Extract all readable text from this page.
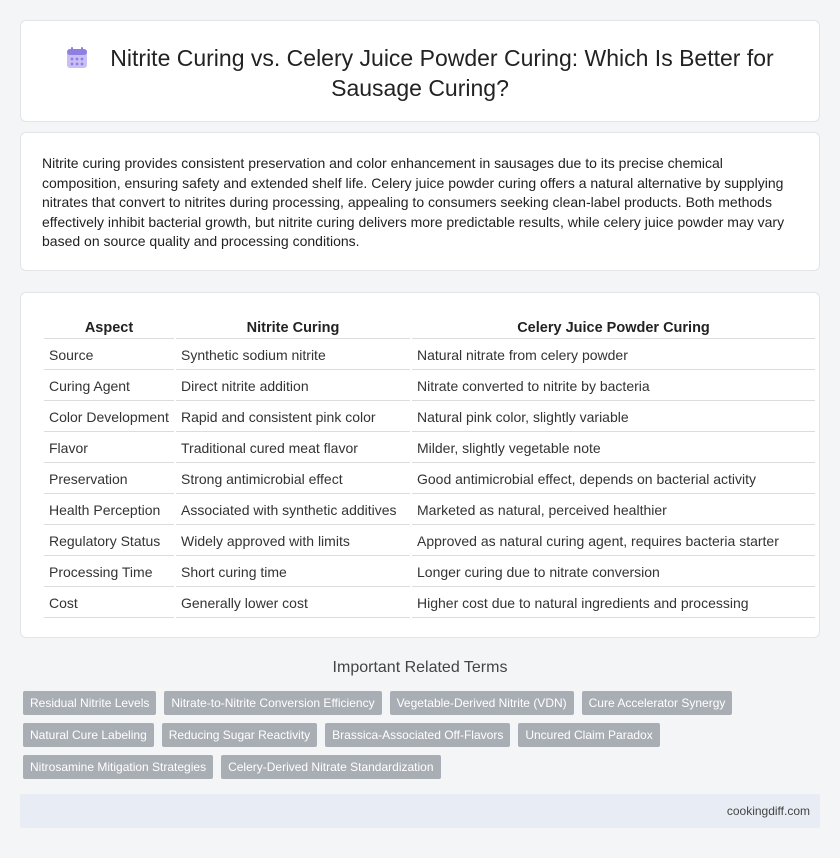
Nitrite Curing vs. Celery Juice Powder Curing: Which Is Better for Sausage Curing?

Nitrite curing provides consistent preservation and color enhancement in sausages due to its precise chemical composition, ensuring safety and extended shelf life. Celery juice powder curing offers a natural alternative by supplying nitrates that convert to nitrites during processing, appealing to consumers seeking clean-label products. Both methods effectively inhibit bacterial growth, but nitrite curing delivers more predictable results, while celery juice powder may vary based on source quality and processing conditions.

Aspect	Nitrite Curing	Celery Juice Powder Curing
Source	Synthetic sodium nitrite	Natural nitrate from celery powder
Curing Agent	Direct nitrite addition	Nitrate converted to nitrite by bacteria
Color Development	Rapid and consistent pink color	Natural pink color, slightly variable
Flavor	Traditional cured meat flavor	Milder, slightly vegetable note
Preservation	Strong antimicrobial effect	Good antimicrobial effect, depends on bacterial activity
Health Perception	Associated with synthetic additives	Marketed as natural, perceived healthier
Regulatory Status	Widely approved with limits	Approved as natural curing agent, requires bacteria starter
Processing Time	Short curing time	Longer curing due to nitrate conversion
Cost	Generally lower cost	Higher cost due to natural ingredients and processing
Important Related Terms
Residual Nitrite Levels	Nitrate-to-Nitrite Conversion Efficiency	Vegetable-Derived Nitrite (VDN)	Cure Accelerator Synergy
Natural Cure Labeling	Reducing Sugar Reactivity	Brassica-Associated Off-Flavors	Uncured Claim Paradox
Nitrosamine Mitigation Strategies	Celery-Derived Nitrate Standardization
cookingdiff.com
